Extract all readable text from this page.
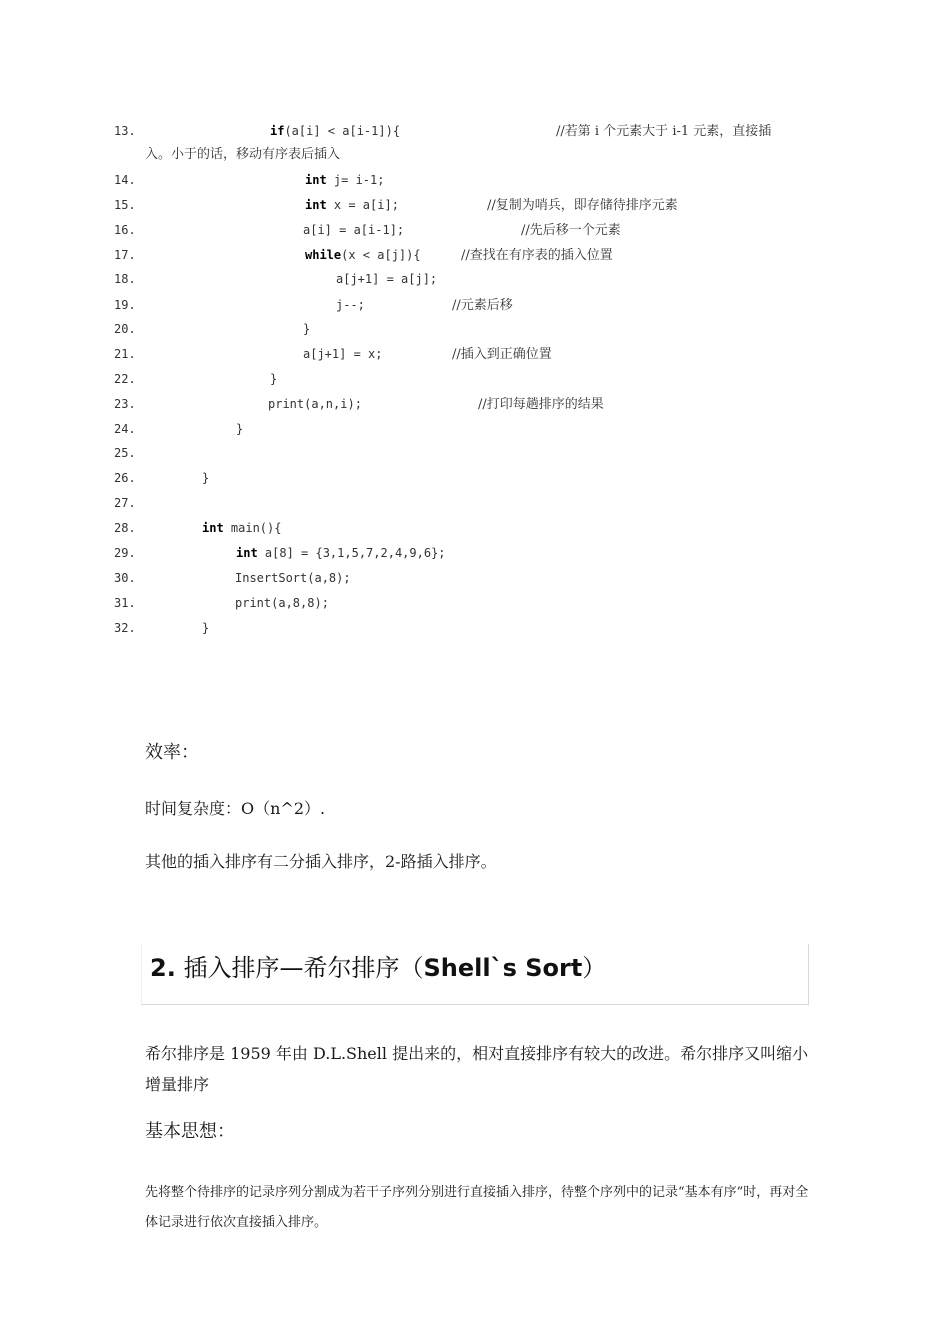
13.	if(a[i] < a[i-1]){	//若第 i 个元素大于 i-1 元素，直接插
14.	int j= i-1;
15.	int x = a[i];	//复制为哨兵，即存储待排序元素
16.	a[i] = a[i-1];	//先后移一个元素
17.	while(x < a[j]){	//查找在有序表的插入位置
18.	a[j+1] = a[j];
19.	j--;	//元素后移
20.	}
21.	a[j+1] = x;	//插入到正确位置
22.	}
23.	print(a,n,i);	//打印每趟排序的结果
24.	}
25.
26.	}
27.
28.	int main(){
29.	int a[8] = {3,1,5,7,2,4,9,6};
30.	InsertSort(a,8);
31.	print(a,8,8);
32.	}
入。小于的话，移动有序表后插入
效率：
时间复杂度：O（n^2）.
其他的插入排序有二分插入排序，2-路插入排序。
2. 插入排序—希尔排序（Shell`s Sort）
希尔排序是 1959 年由 D.L.Shell 提出来的，相对直接排序有较大的改进。希尔排序又叫缩小增量排序
基本思想：
先将整个待排序的记录序列分割成为若干子序列分别进行直接插入排序，待整个序列中的记录“基本有序”时，再对全体记录进行依次直接插入排序。
